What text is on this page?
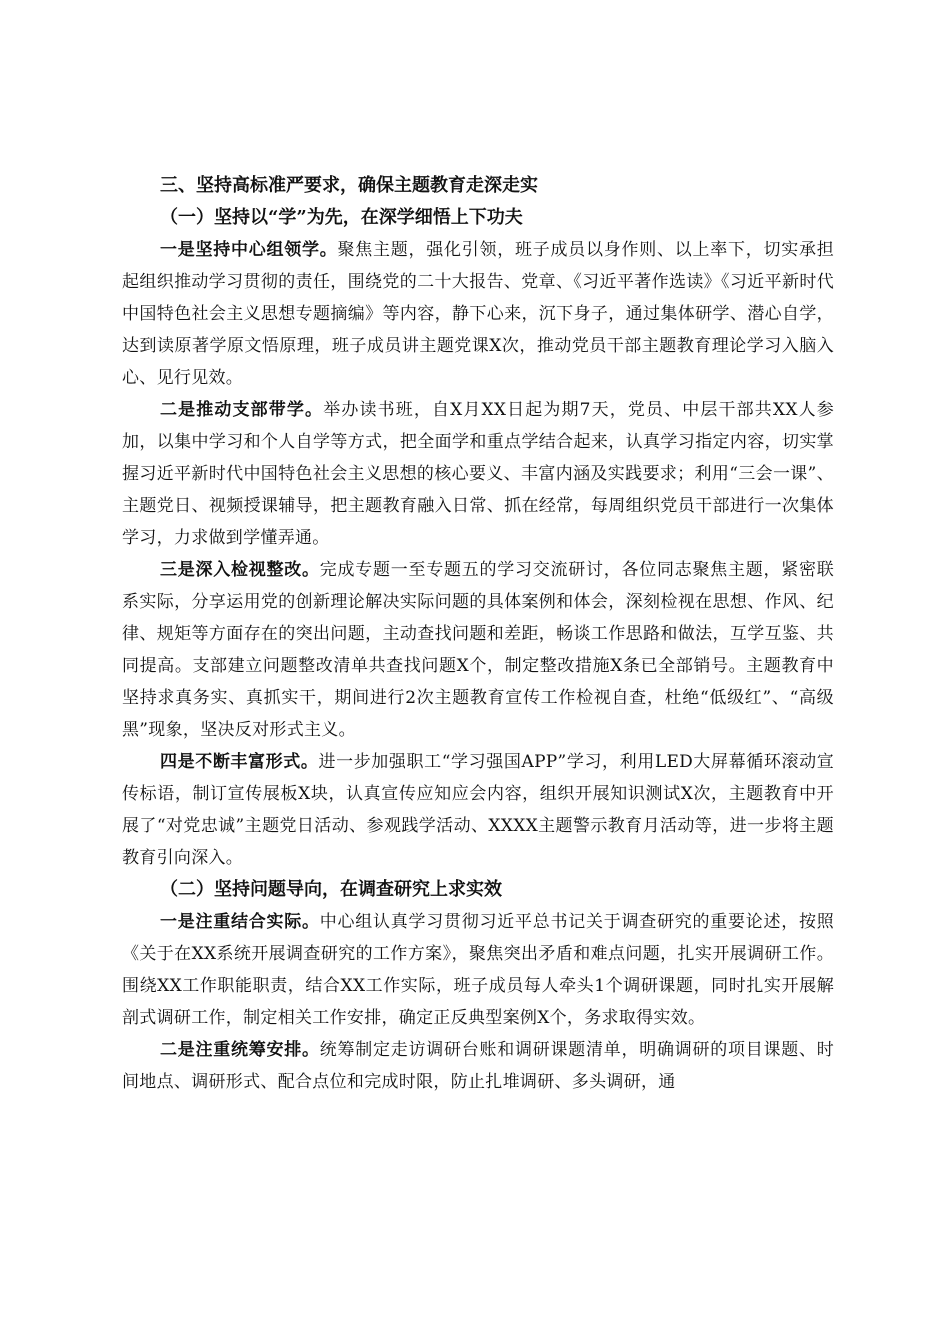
三、坚持高标准严要求，确保主题教育走深走实

（一）坚持以“学”为先，在深学细悟上下功夫

一是坚持中心组领学。聚焦主题，强化引领，班子成员以身作则、以上率下，切实承担起组织推动学习贯彻的责任，围绕党的二十大报告、党章、《习近平著作选读》《习近平新时代中国特色社会主义思想专题摘编》等内容，静下心来，沉下身子，通过集体研学、潜心自学，达到读原著学原文悟原理，班子成员讲主题党课X次，推动党员干部主题教育理论学习入脑入心、见行见效。

二是推动支部带学。举办读书班，自X月XX日起为期7天，党员、中层干部共XX人参加，以集中学习和个人自学等方式，把全面学和重点学结合起来，认真学习指定内容，切实掌握习近平新时代中国特色社会主义思想的核心要义、丰富内涵及实践要求；利用“三会一课”、主题党日、视频授课辅导，把主题教育融入日常、抓在经常，每周组织党员干部进行一次集体学习，力求做到学懂弄通。

三是深入检视整改。完成专题一至专题五的学习交流研讨，各位同志聚焦主题，紧密联系实际，分享运用党的创新理论解决实际问题的具体案例和体会，深刻检视在思想、作风、纪律、规矩等方面存在的突出问题，主动查找问题和差距，畅谈工作思路和做法，互学互鉴、共同提高。支部建立问题整改清单共查找问题X个，制定整改措施X条已全部销号。主题教育中坚持求真务实、真抓实干，期间进行2次主题教育宣传工作检视自查，杜绝“低级红”、“高级黑”现象，坚决反对形式主义。

四是不断丰富形式。进一步加强职工“学习强国APP”学习，利用LED大屏幕循环滚动宣传标语，制订宣传展板X块，认真宣传应知应会内容，组织开展知识测试X次，主题教育中开展了“对党忠诚”主题党日活动、参观践学活动、XXXX主题警示教育月活动等，进一步将主题教育引向深入。

（二）坚持问题导向，在调查研究上求实效

一是注重结合实际。中心组认真学习贯彻习近平总书记关于调查研究的重要论述，按照《关于在XX系统开展调查研究的工作方案》，聚焦突出矛盾和难点问题，扎实开展调研工作。围绕XX工作职能职责，结合XX工作实际，班子成员每人牵头1个调研课题，同时扎实开展解剖式调研工作，制定相关工作安排，确定正反典型案例X个，务求取得实效。

二是注重统筹安排。统筹制定走访调研台账和调研课题清单，明确调研的项目课题、时间地点、调研形式、配合点位和完成时限，防止扎堆调研、多头调研，通
